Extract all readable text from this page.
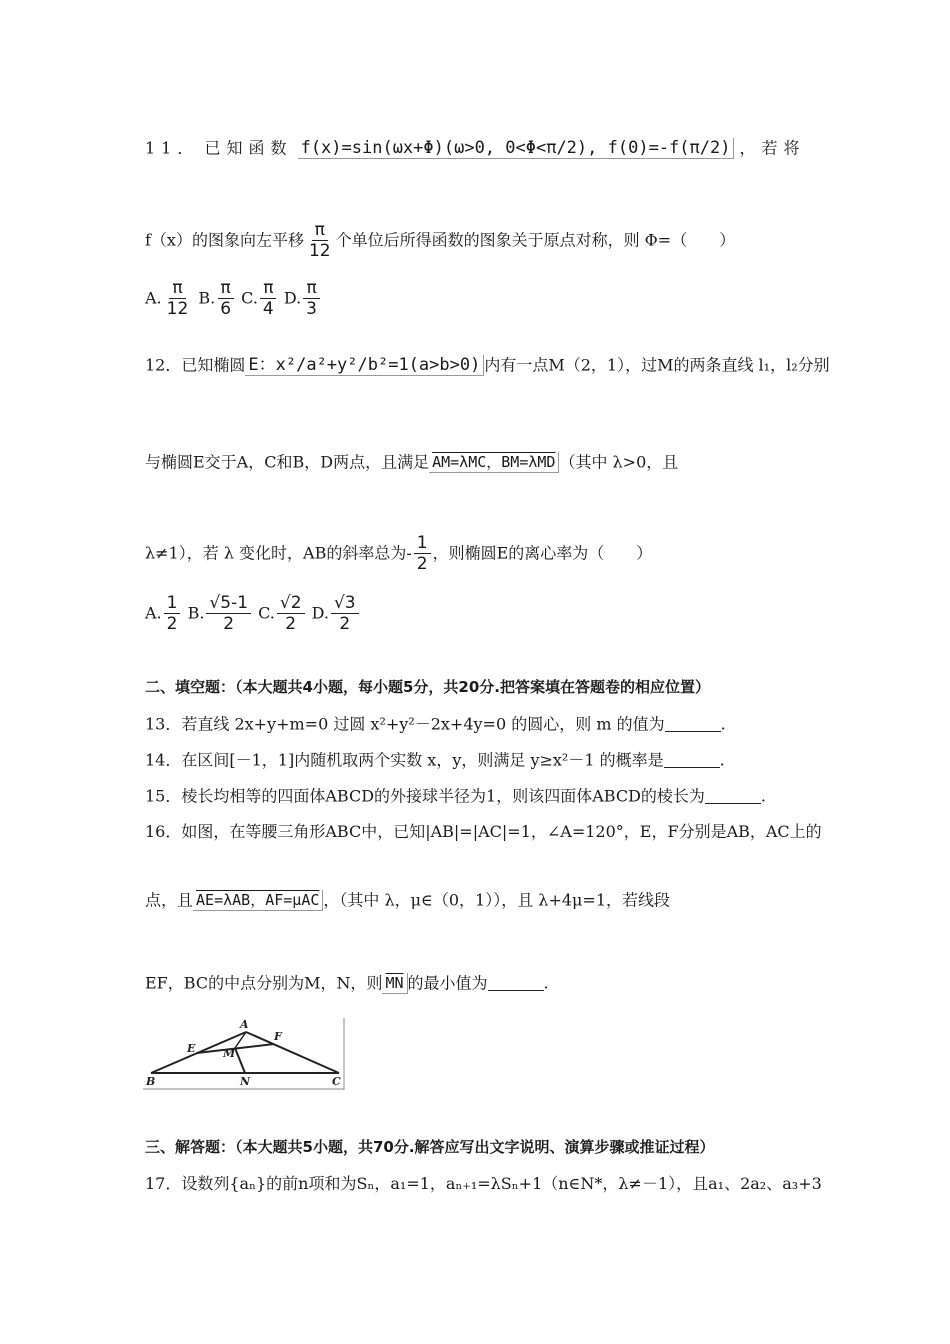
11． 已知函数 f(x)=sin(ωx+Φ)(ω>0, 0<Φ<π/2), f(0)=-f(π/2) ，若将
f（x）的图象向左平移 $\frac{\pi}{12}$ 个单位后所得函数的图象关于原点对称，则 Φ=（　　）
A. $\frac{\pi}{12} B$. $\frac{\pi}{6} C$. $\frac{\pi}{4} D$. $\frac{\pi}{3}$
12．已知椭圆 E：x²/a²+y²/b²=1(a>b>0) 内有一点M（2，1），过M的两条直线 l₁，l₂分别
与椭圆E交于A，C和B，D两点，且满足 AM=λMC，BM=λMD （其中 λ>0，且
λ≠1），若 λ 变化时，AB的斜率总为- $\frac{1}{2}$ ，则椭圆E的离心率为（　　）
A. $\frac{1}{2} B$. $\frac{√5-1}{2} C$. $\frac{√2}{2} D$. $\frac{√3}{2}$
二、填空题：（本大题共4小题，每小题5分，共20分.把答案填在答题卷的相应位置）
13．若直线 2x+y+m=0 过圆 x²+y²－2x+4y=0 的圆心，则 m 的值为	.
14．在区间[－1，1]内随机取两个实数 x，y，则满足 y≥x²－1 的概率是	.
15．棱长均相等的四面体ABCD的外接球半径为1，则该四面体ABCD的棱长为	.
16．如图，在等腰三角形ABC中，已知|AB|=|AC|=1，∠A=120°，E，F分别是AB，AC上的
点，且 AE=λAB，AF=μAC ，（其中 λ，μ∈（0，1）），且 λ+4μ=1，若线段
EF，BC的中点分别为M，N，则 $\overline{MN}$ 的最小值为	.
A
B	C
E
F
M
N
三、解答题：（本大题共5小题，共70分.解答应写出文字说明、演算步骤或推证过程）
17．设数列{aₙ}的前n项和为Sₙ，a₁=1，aₙ₊₁=λSₙ+1（n∈N*，λ≠－1），且a₁、2a₂、a₃+3
